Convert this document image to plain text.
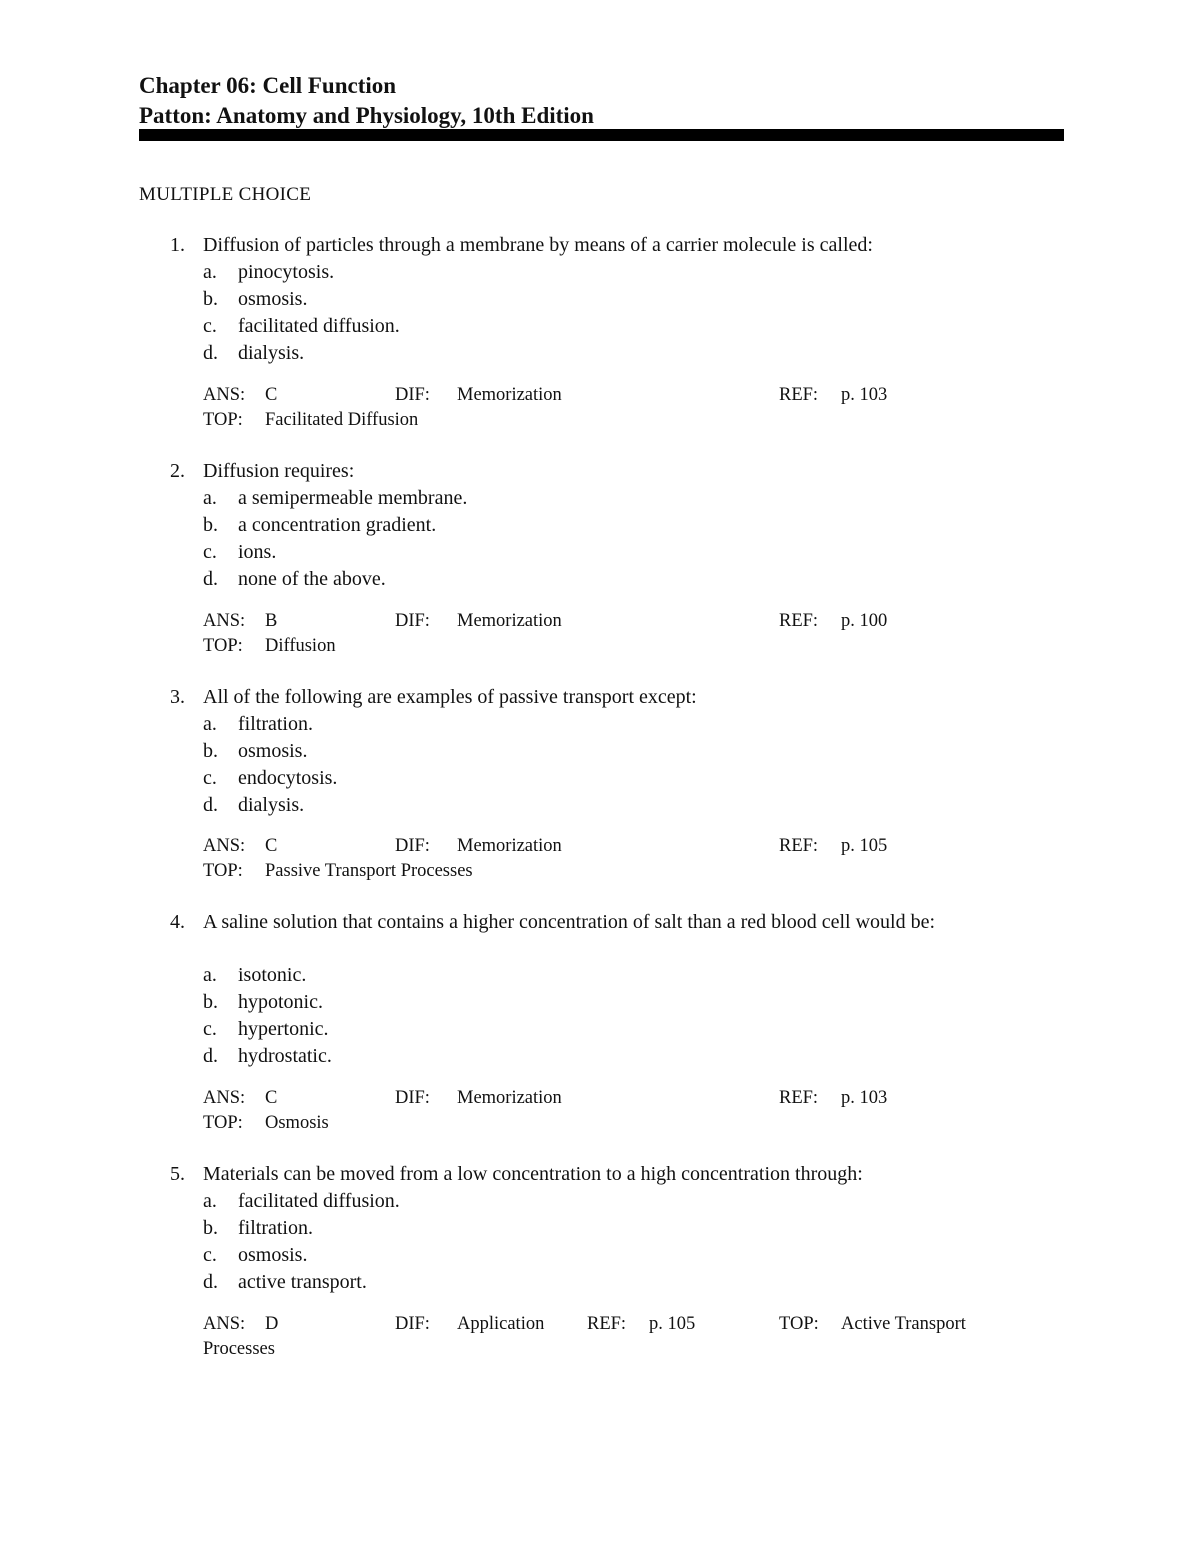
Chapter 06: Cell Function
Patton: Anatomy and Physiology, 10th Edition
MULTIPLE CHOICE
1. Diffusion of particles through a membrane by means of a carrier molecule is called:
a. pinocytosis.
b. osmosis.
c. facilitated diffusion.
d. dialysis.
ANS: C	DIF: Memorization	REF: p. 103
TOP: Facilitated Diffusion
2. Diffusion requires:
a. a semipermeable membrane.
b. a concentration gradient.
c. ions.
d. none of the above.
ANS: B	DIF: Memorization	REF: p. 100
TOP: Diffusion
3. All of the following are examples of passive transport except:
a. filtration.
b. osmosis.
c. endocytosis.
d. dialysis.
ANS: C	DIF: Memorization	REF: p. 105
TOP: Passive Transport Processes
4. A saline solution that contains a higher concentration of salt than a red blood cell would be:
a. isotonic.
b. hypotonic.
c. hypertonic.
d. hydrostatic.
ANS: C	DIF: Memorization	REF: p. 103
TOP: Osmosis
5. Materials can be moved from a low concentration to a high concentration through:
a. facilitated diffusion.
b. filtration.
c. osmosis.
d. active transport.
ANS: D	DIF: Application REF: p. 105	TOP: Active Transport
Processes
